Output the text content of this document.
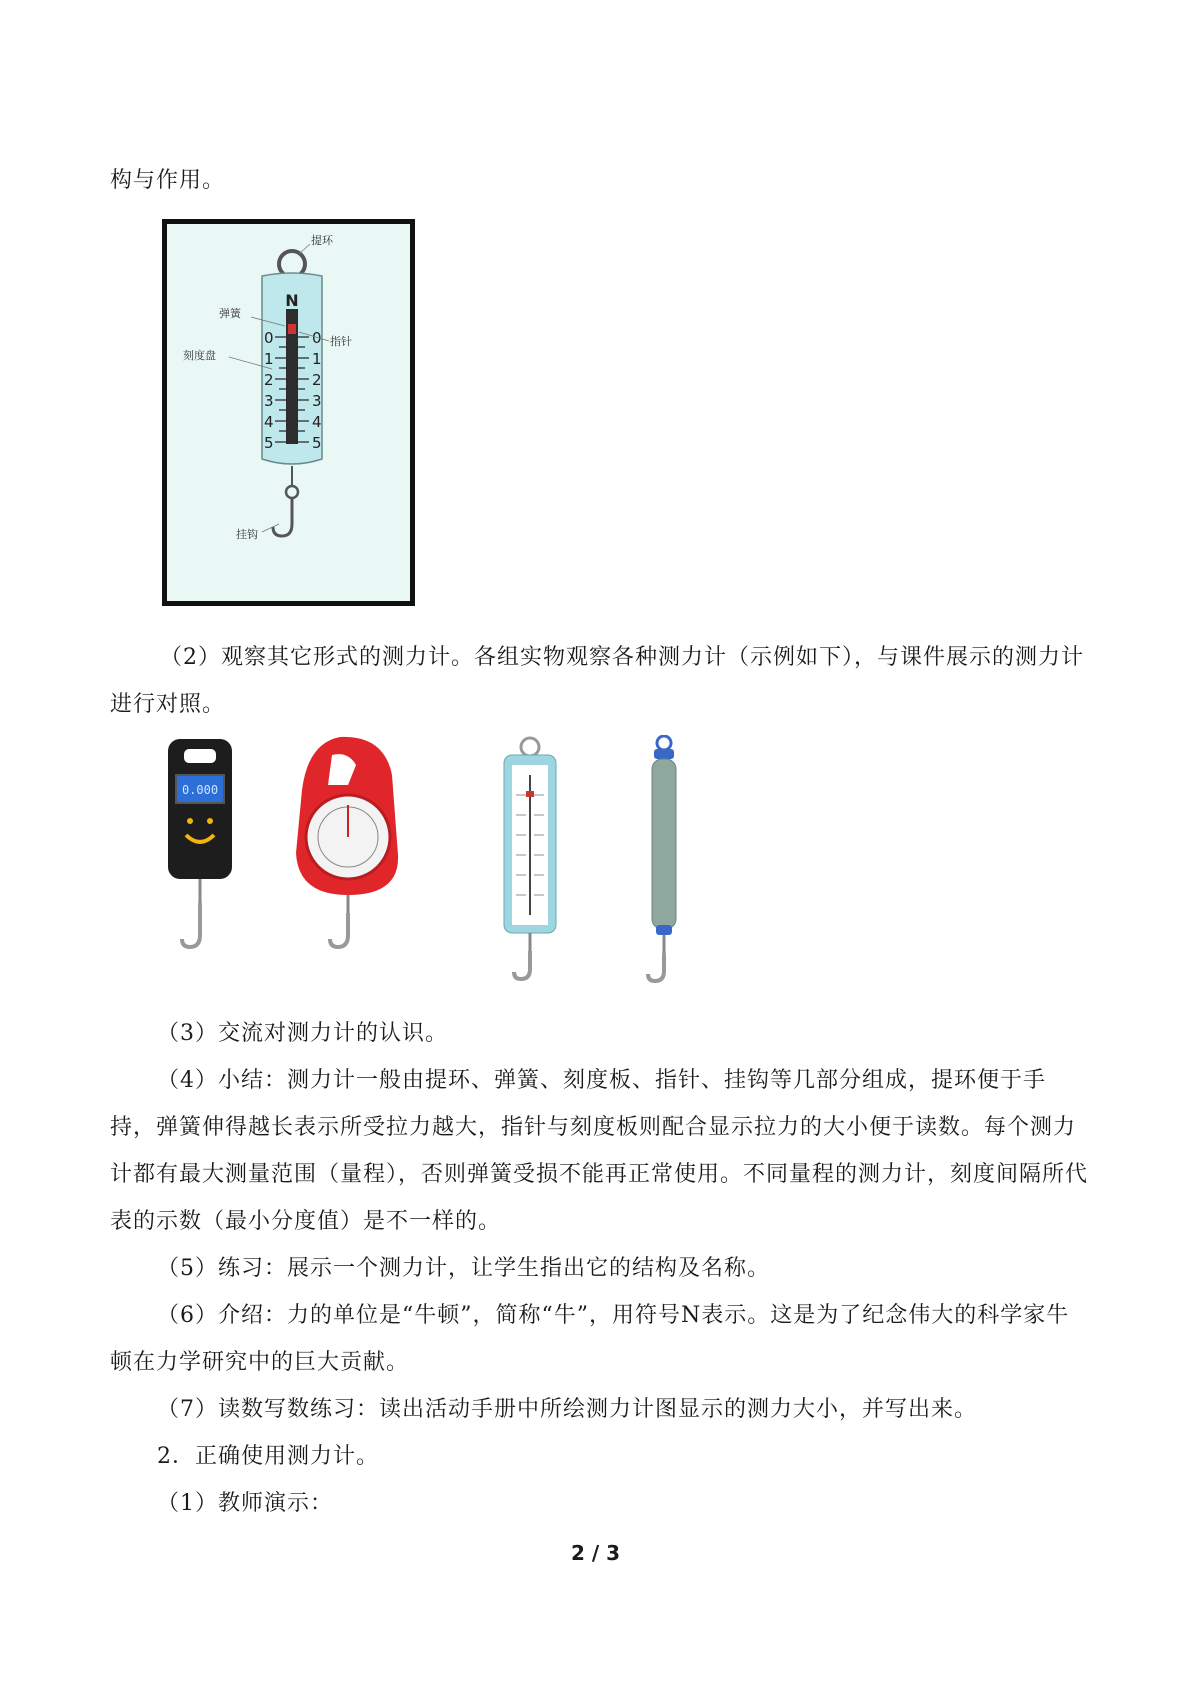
构与作用。

N
0	0
1	1
2	2
3	3
4	4
5	5
提环
弹簧
指针
刻度盘
挂钩

（2）观察其它形式的测力计。各组实物观察各种测力计（示例如下），与课件展示的测力计进行对照。

0.000

（3）交流对测力计的认识。

（4）小结：测力计一般由提环、弹簧、刻度板、指针、挂钩等几部分组成，提环便于手持，弹簧伸得越长表示所受拉力越大，指针与刻度板则配合显示拉力的大小便于读数。每个测力计都有最大测量范围（量程），否则弹簧受损不能再正常使用。不同量程的测力计，刻度间隔所代表的示数（最小分度值）是不一样的。

（5）练习：展示一个测力计，让学生指出它的结构及名称。

（6）介绍：力的单位是“牛顿”，简称“牛”，用符号N表示。这是为了纪念伟大的科学家牛顿在力学研究中的巨大贡献。

（7）读数写数练习：读出活动手册中所绘测力计图显示的测力大小，并写出来。

2．正确使用测力计。

（1）教师演示：

2 / 3
